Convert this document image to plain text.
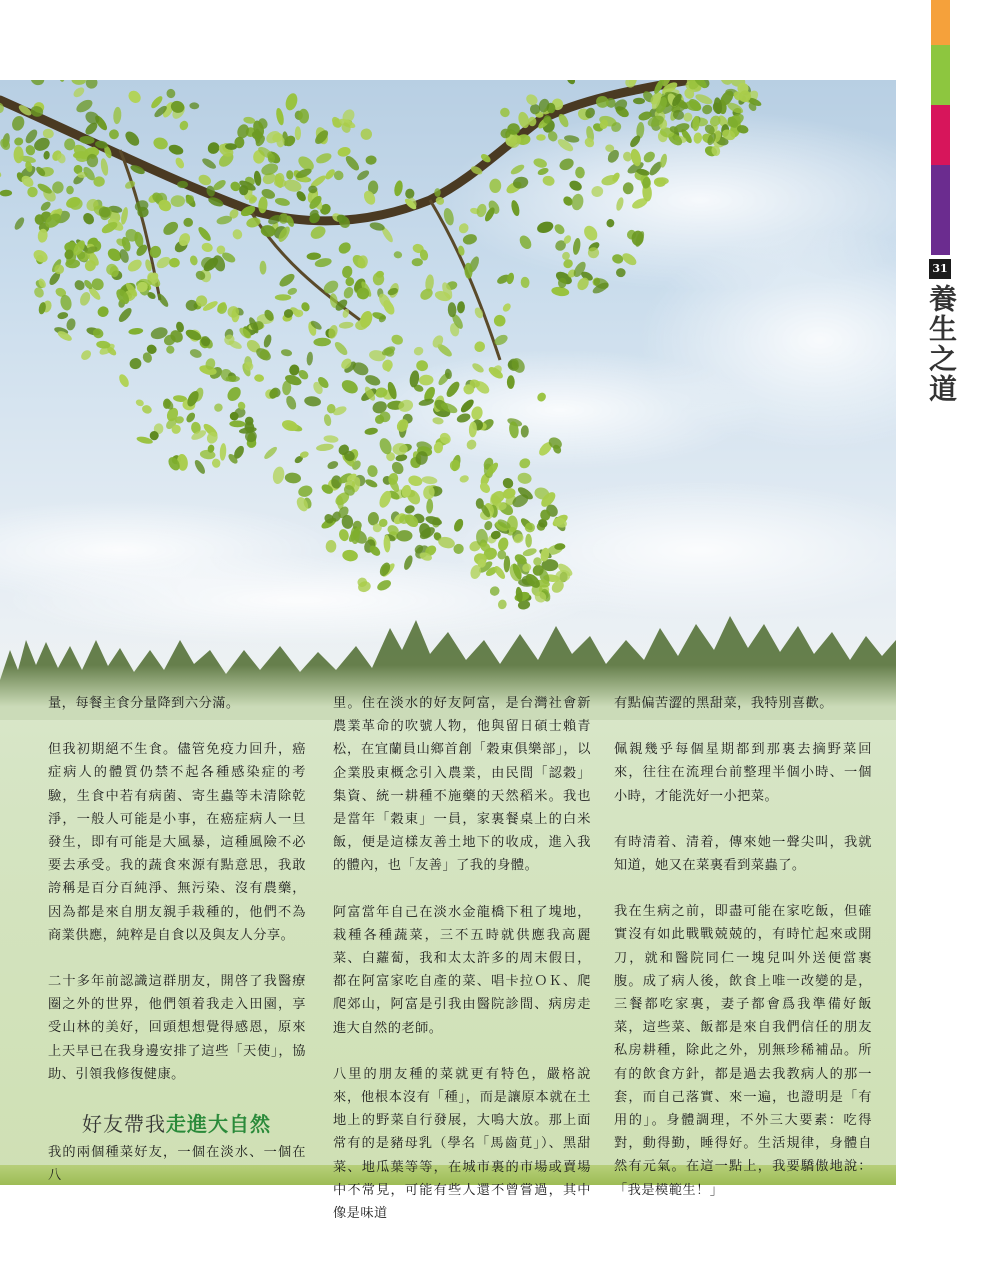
31
養生之道

量，每餐主食分量降到六分滿。

但我初期絕不生食。儘管免疫力回升，癌症病人的體質仍禁不起各種感染症的考驗，生食中若有病菌、寄生蟲等未清除乾淨，一般人可能是小事，在癌症病人一旦發生，即有可能是大風暴，這種風險不必要去承受。我的蔬食來源有點意思，我敢誇稱是百分百純淨、無污染、沒有農藥，因為都是來自朋友親手栽種的，他們不為商業供應，純粹是自食以及與友人分享。

二十多年前認識這群朋友，開啓了我醫療圈之外的世界，他們領着我走入田園，享受山林的美好，回頭想想覺得感恩，原來上天早已在我身邊安排了這些「天使」，協助、引領我修復健康。

好友帶我走進大自然

我的兩個種菜好友，一個在淡水、一個在八

里。住在淡水的好友阿富，是台灣社會新農業革命的吹號人物，他與留日碩士賴青松，在宜蘭員山鄉首創「穀東俱樂部」，以企業股東概念引入農業，由民間「認穀」集資、統一耕種不施藥的天然稻米。我也是當年「穀東」一員，家裏餐桌上的白米飯，便是這樣友善土地下的收成，進入我的體內，也「友善」了我的身體。

阿富當年自己在淡水金龍橋下租了塊地，栽種各種蔬菜，三不五時就供應我高麗菜、白蘿蔔，我和太太許多的周末假日，都在阿富家吃自產的菜、唱卡拉ＯＫ、爬爬郊山，阿富是引我由醫院診間、病房走進大自然的老師。

八里的朋友種的菜就更有特色，嚴格說來，他根本沒有「種」，而是讓原本就在土地上的野菜自行發展，大鳴大放。那上面常有的是豬母乳（學名「馬齒莧」）、黑甜菜、地瓜葉等等，在城市裏的市場或賣場中不常見，可能有些人還不曾嘗過，其中像是味道

有點偏苦澀的黑甜菜，我特別喜歡。

佩親幾乎每個星期都到那裏去摘野菜回來，往往在流理台前整理半個小時、一個小時，才能洗好一小把菜。

有時清着、清着，傳來她一聲尖叫，我就知道，她又在菜裏看到菜蟲了。

我在生病之前，即盡可能在家吃飯，但確實沒有如此戰戰兢兢的，有時忙起來或開刀，就和醫院同仁一塊兒叫外送便當裹腹。成了病人後，飲食上唯一改變的是，三餐都吃家裏，妻子都會爲我準備好飯菜，這些菜、飯都是來自我們信任的朋友私房耕種，除此之外，別無珍稀補品。所有的飲食方針，都是過去我教病人的那一套，而自己落實、來一遍，也證明是「有用的」。身體調理，不外三大要素：吃得對，動得勤，睡得好。生活規律，身體自然有元氣。在這一點上，我要驕傲地說：「我是模範生！」
